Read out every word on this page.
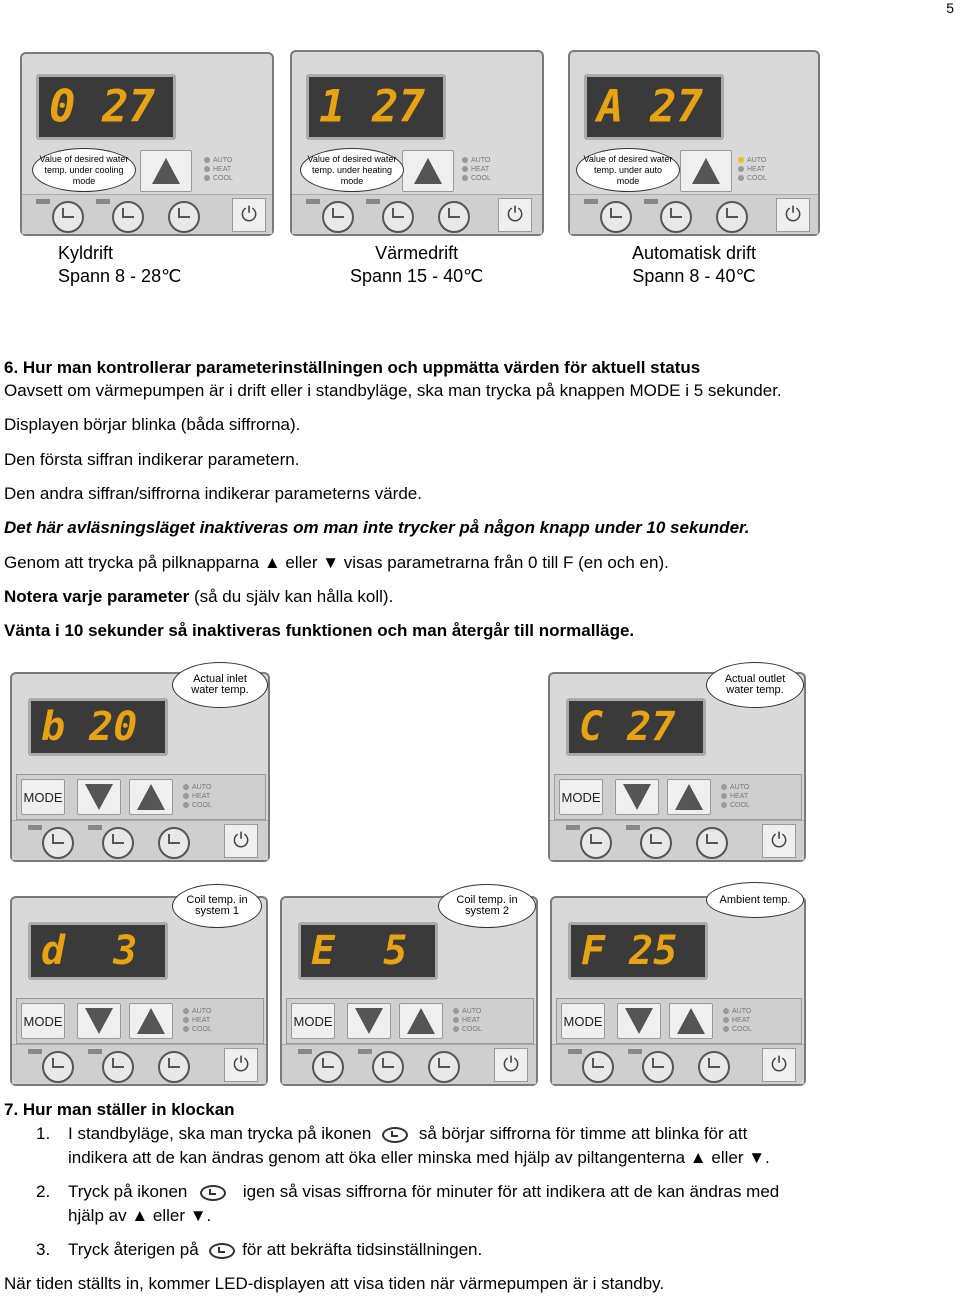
5
0 27
AUTO
HEAT
COOL
Value of desired water temp. under cooling mode
⏻
1 27
AUTO
HEAT
COOL
Value of desired water temp. under heating mode
⏻
A 27
AUTO
HEAT
COOL
Value of desired water temp. under auto mode
⏻
Kyldrift
Spann 8 - 28℃
Värmedrift
Spann 15 - 40℃
Automatisk drift
Spann 8 - 40℃
6. Hur man kontrollerar parameterinställningen och uppmätta värden för aktuell status
Oavsett om värmepumpen är i drift eller i standbyläge, ska man trycka på knappen MODE i 5 sekunder.
Displayen börjar blinka (båda siffrorna).
Den första siffran indikerar parametern.
Den andra siffran/siffrorna indikerar parameterns värde.
Det här avläsningsläget inaktiveras om man inte trycker på någon knapp under 10 sekunder.
Genom att trycka på pilknapparna ▲ eller ▼ visas parametrarna från 0 till F (en och en).
Notera varje parameter (så du själv kan hålla koll).
Vänta i 10 sekunder så inaktiveras funktionen och man återgår till normalläge.
b 20
Actual inlet water temp.
MODE
AUTO
HEAT
COOL
⏻
C 27
Actual outlet water temp.
MODE
AUTO
HEAT
COOL
⏻
d  3
Coil temp. in system 1
MODE
AUTO
HEAT
COOL
⏻
E  5
Coil temp. in system 2
MODE
AUTO
HEAT
COOL
⏻
F 25
Ambient temp.
MODE
AUTO
HEAT
COOL
⏻
7. Hur man ställer in klockan
1. I standbyläge, ska man trycka på ikonen	så börjar siffrorna för timme att blinka för att
indikera att de kan ändras genom att öka eller minska med hjälp av piltangenterna ▲ eller ▼.
2. Tryck på ikonen	igen så visas siffrorna för minuter för att indikera att de kan ändras med
hjälp av ▲ eller ▼.
3. Tryck återigen på	för att bekräfta tidsinställningen.
När tiden ställts in, kommer LED-displayen att visa tiden när värmepumpen är i standby.
